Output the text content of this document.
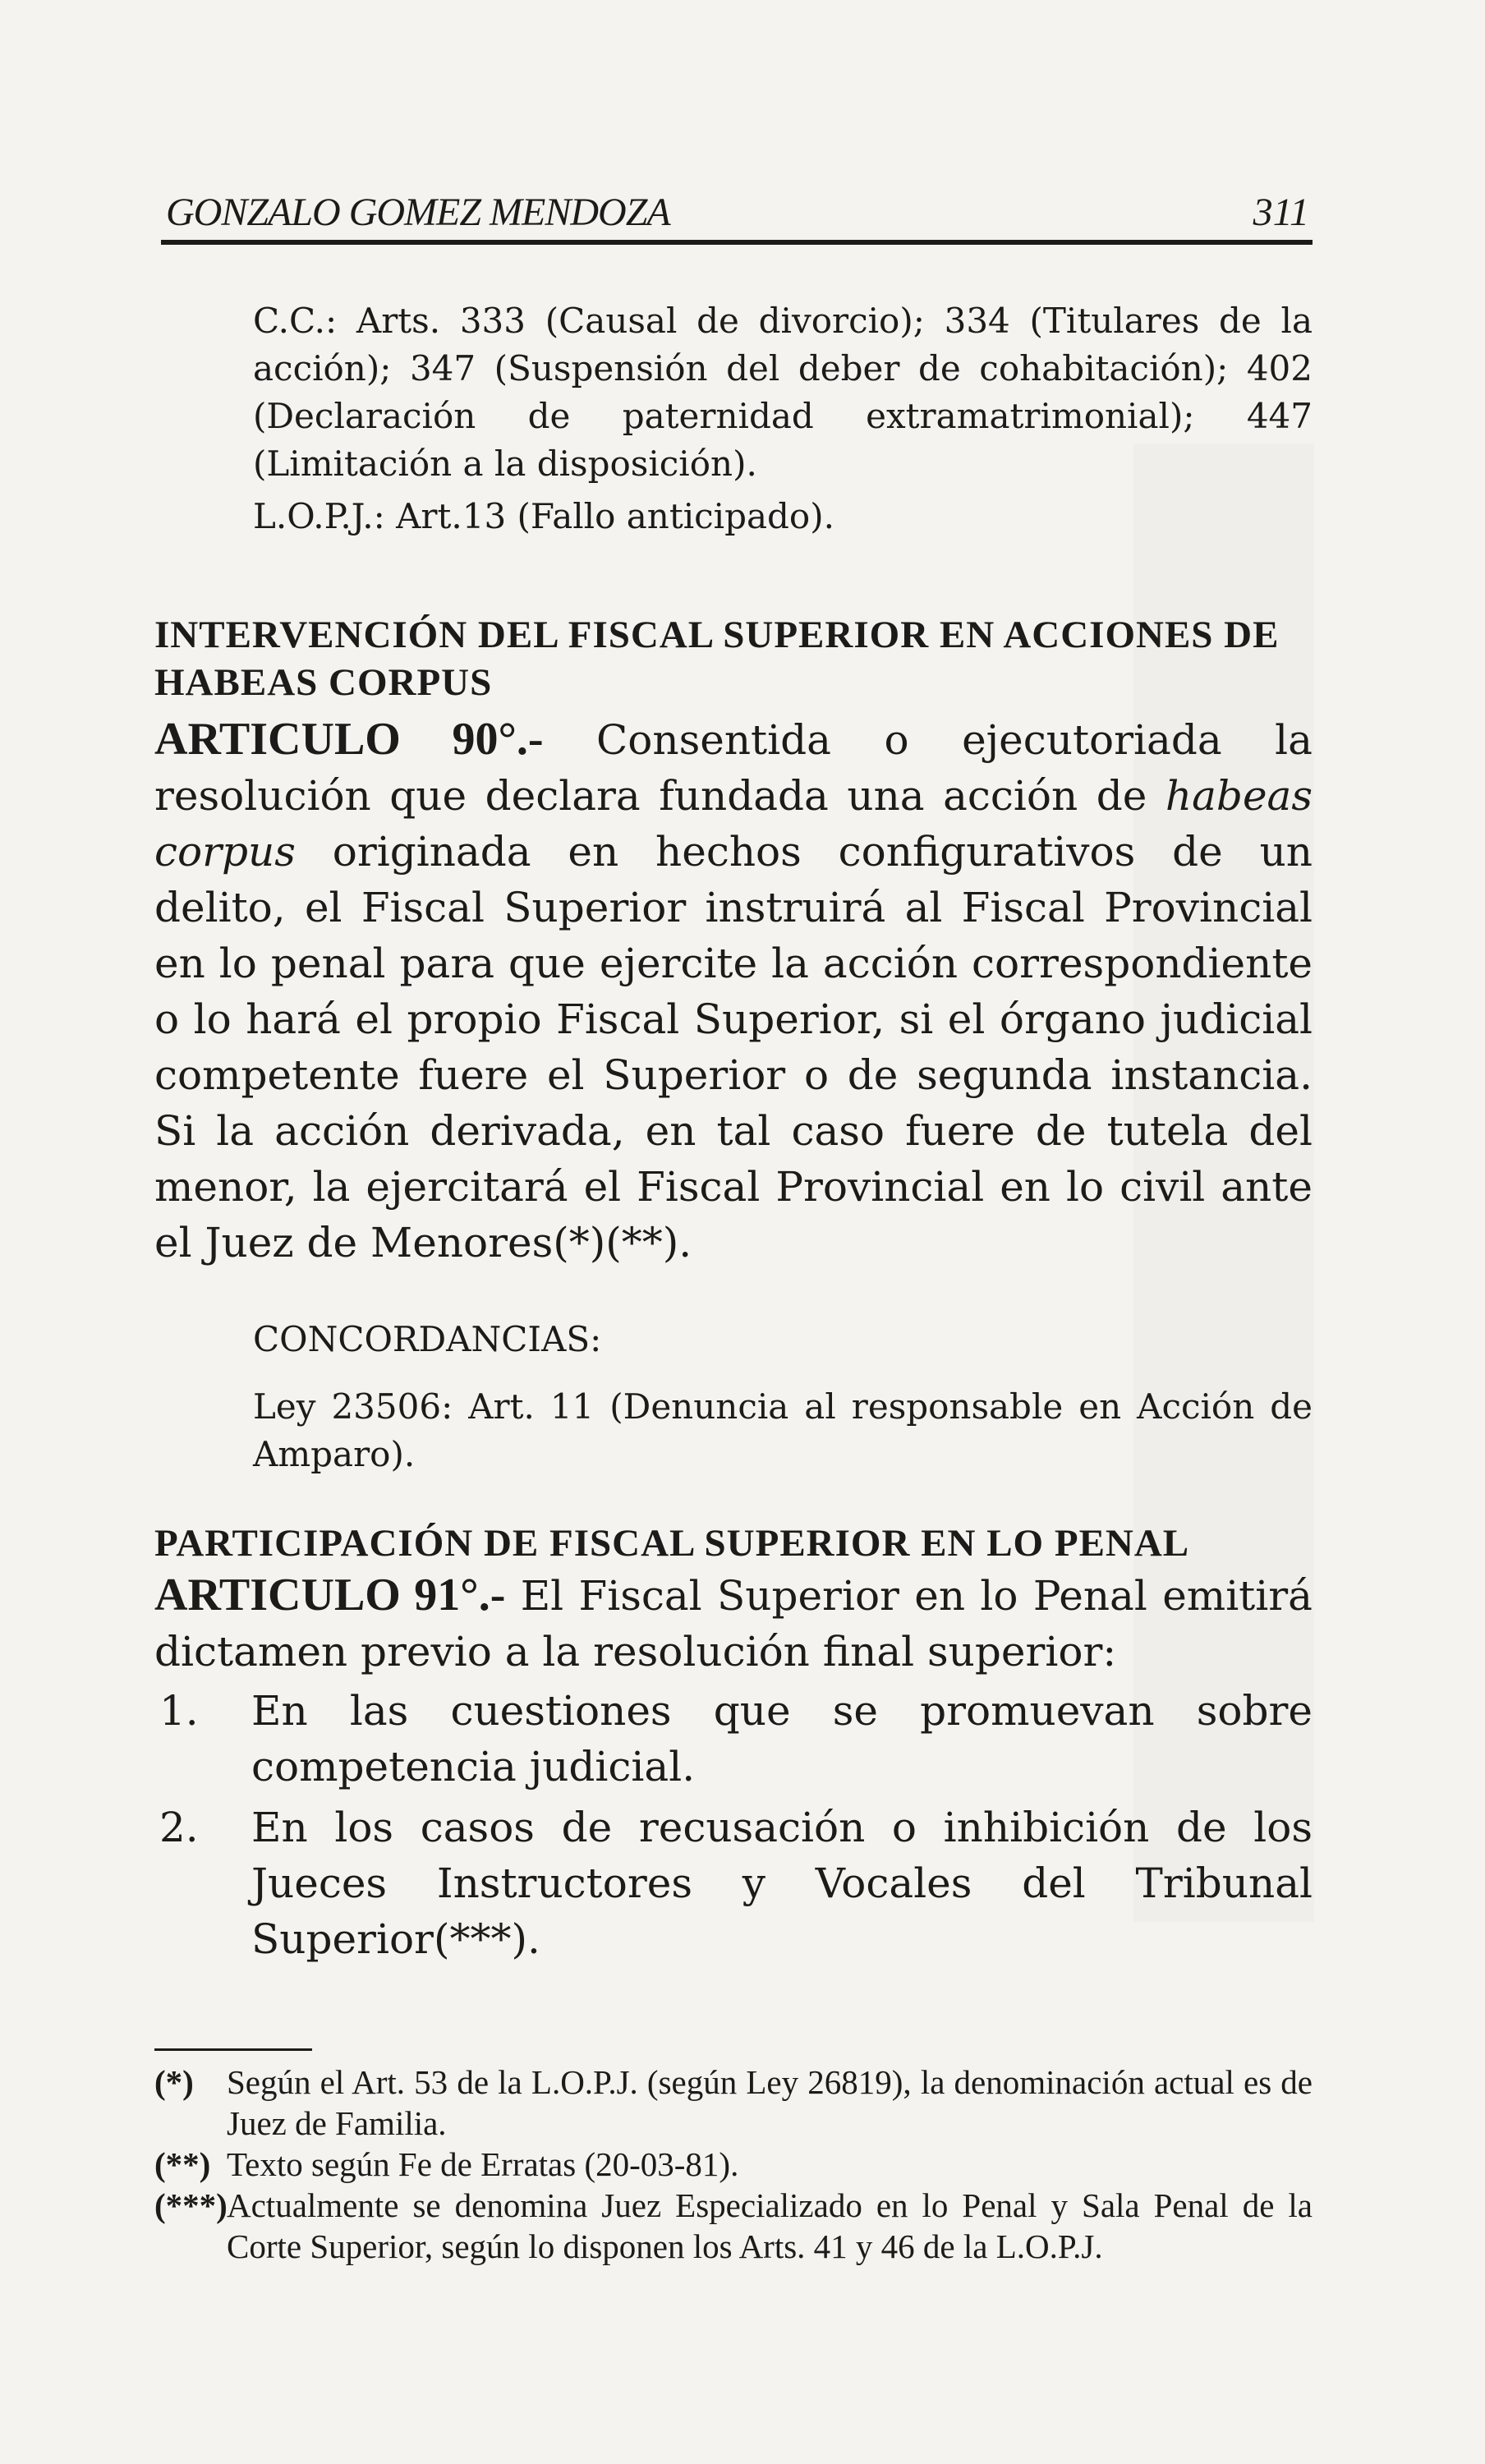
GONZALO GOMEZ MENDOZA	311

C.C.: Arts. 333 (Causal de divorcio); 334 (Titulares de la acción); 347 (Suspensión del deber de cohabitación); 402 (Declaración de paternidad extramatrimonial); 447 (Limitación a la disposición).

L.O.P.J.: Art.13 (Fallo anticipado).

INTERVENCIÓN DEL FISCAL SUPERIOR EN ACCIONES DE HABEAS CORPUS

ARTICULO 90°.- Consentida o ejecutoriada la resolución que declara fundada una acción de habeas corpus originada en hechos configurativos de un delito, el Fiscal Superior instruirá al Fiscal Provincial en lo penal para que ejercite la acción correspondiente o lo hará el propio Fiscal Superior, si el órgano judicial competente fuere el Superior o de segunda instancia. Si la acción derivada, en tal caso fuere de tutela del menor, la ejercitará el Fiscal Provincial en lo civil ante el Juez de Menores(*)(**).

CONCORDANCIAS:

Ley 23506: Art. 11 (Denuncia al responsable en Acción de Amparo).

PARTICIPACIÓN DE FISCAL SUPERIOR EN LO PENAL

ARTICULO 91°.- El Fiscal Superior en lo Penal emitirá dictamen previo a la resolución final superior:

1. En las cuestiones que se promuevan sobre competencia judicial.
2. En los casos de recusación o inhibición de los Jueces Instructores y Vocales del Tribunal Superior(***).
(*) Según el Art. 53 de la L.O.P.J. (según Ley 26819), la denominación actual es de Juez de Familia.
(**) Texto según Fe de Erratas (20-03-81).
(***) Actualmente se denomina Juez Especializado en lo Penal y Sala Penal de la Corte Superior, según lo disponen los Arts. 41 y 46 de la L.O.P.J.
